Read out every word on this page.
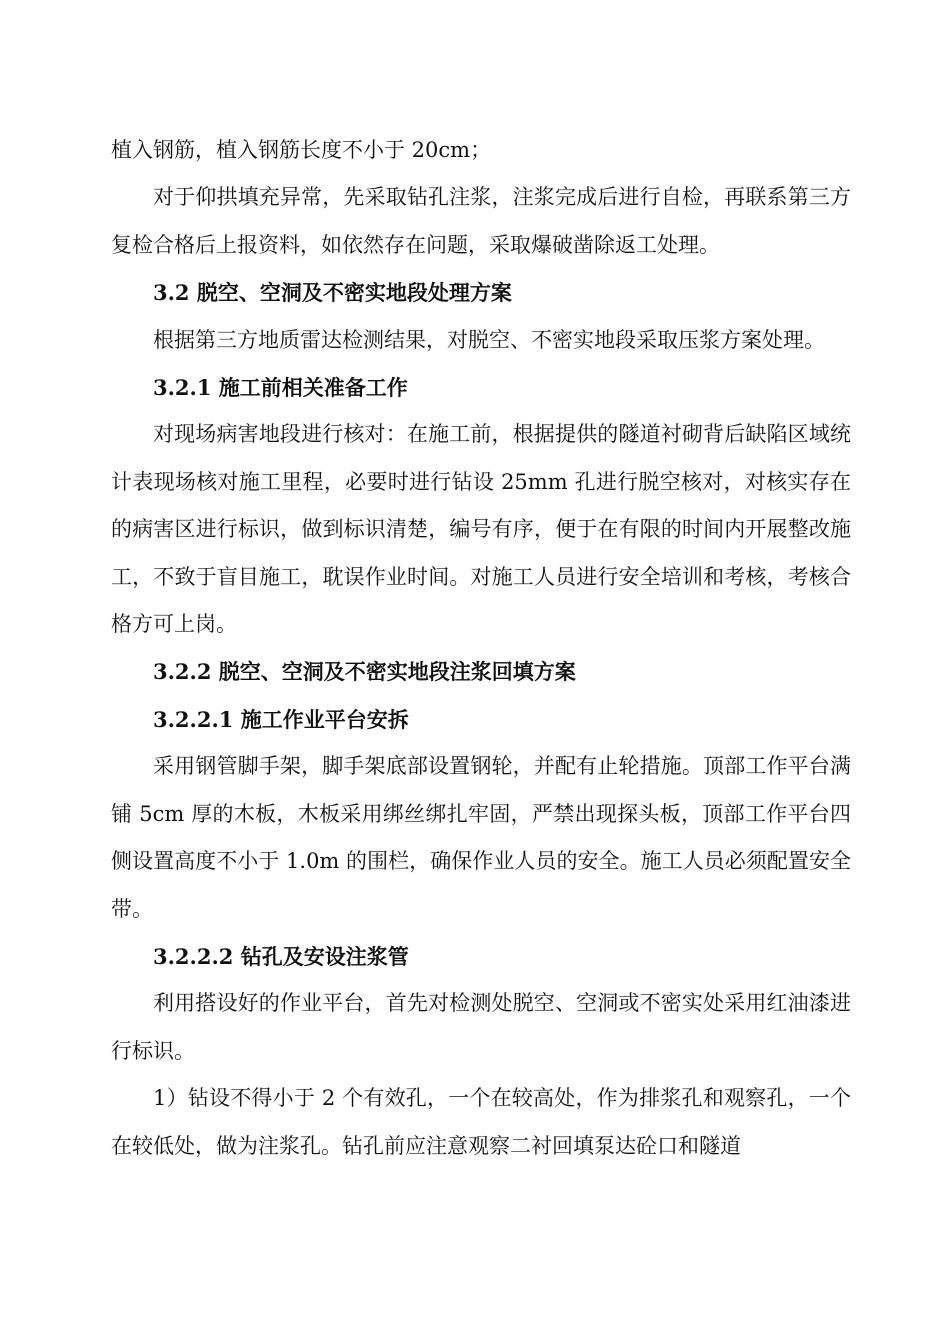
植入钢筋，植入钢筋长度不小于 20cm；

对于仰拱填充异常，先采取钻孔注浆，注浆完成后进行自检，再联系第三方复检合格后上报资料，如依然存在问题，采取爆破凿除返工处理。

3.2 脱空、空洞及不密实地段处理方案

根据第三方地质雷达检测结果，对脱空、不密实地段采取压浆方案处理。

3.2.1 施工前相关准备工作

对现场病害地段进行核对：在施工前，根据提供的隧道衬砌背后缺陷区域统计表现场核对施工里程，必要时进行钻设 25mm 孔进行脱空核对，对核实存在的病害区进行标识，做到标识清楚，编号有序，便于在有限的时间内开展整改施工，不致于盲目施工，耽误作业时间。对施工人员进行安全培训和考核，考核合格方可上岗。

3.2.2 脱空、空洞及不密实地段注浆回填方案

3.2.2.1 施工作业平台安拆

采用钢管脚手架，脚手架底部设置钢轮，并配有止轮措施。顶部工作平台满铺 5cm 厚的木板，木板采用绑丝绑扎牢固，严禁出现探头板，顶部工作平台四侧设置高度不小于 1.0m 的围栏，确保作业人员的安全。施工人员必须配置安全带。

3.2.2.2 钻孔及安设注浆管

利用搭设好的作业平台，首先对检测处脱空、空洞或不密实处采用红油漆进行标识。

1）钻设不得小于 2 个有效孔，一个在较高处，作为排浆孔和观察孔，一个在较低处，做为注浆孔。钻孔前应注意观察二衬回填泵达砼口和隧道
